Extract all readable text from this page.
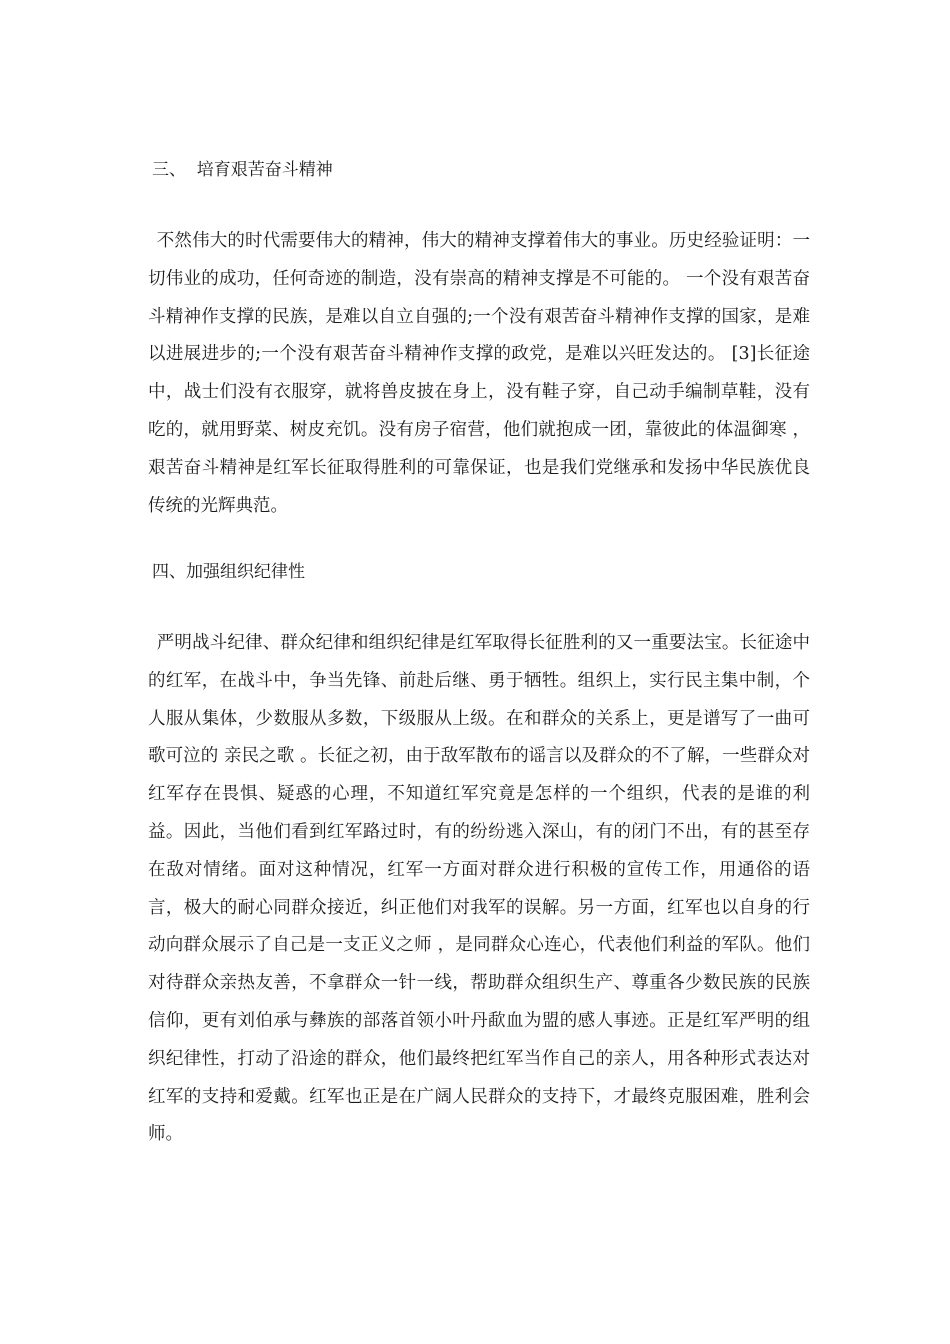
三、  培育艰苦奋斗精神
不然伟大的时代需要伟大的精神，伟大的精神支撑着伟大的事业。历史经验证明：一切伟业的成功，任何奇迹的制造，没有崇高的精神支撑是不可能的。 一个没有艰苦奋斗精神作支撑的民族，是难以自立自强的;一个没有艰苦奋斗精神作支撑的国家，是难以进展进步的;一个没有艰苦奋斗精神作支撑的政党，是难以兴旺发达的。 [3]长征途中，战士们没有衣服穿，就将兽皮披在身上，没有鞋子穿，自己动手编制草鞋，没有吃的，就用野菜、树皮充饥。没有房子宿营，他们就抱成一团，靠彼此的体温御寒 ，艰苦奋斗精神是红军长征取得胜利的可靠保证，也是我们党继承和发扬中华民族优良传统的光辉典范。
四、加强组织纪律性
严明战斗纪律、群众纪律和组织纪律是红军取得长征胜利的又一重要法宝。长征途中的红军，在战斗中，争当先锋、前赴后继、勇于牺牲。组织上，实行民主集中制，个人服从集体，少数服从多数，下级服从上级。在和群众的关系上，更是谱写了一曲可歌可泣的 亲民之歌 。长征之初，由于敌军散布的谣言以及群众的不了解，一些群众对红军存在畏惧、疑惑的心理，不知道红军究竟是怎样的一个组织，代表的是谁的利益。因此，当他们看到红军路过时，有的纷纷逃入深山，有的闭门不出，有的甚至存在敌对情绪。面对这种情况，红军一方面对群众进行积极的宣传工作，用通俗的语言，极大的耐心同群众接近，纠正他们对我军的误解。另一方面，红军也以自身的行动向群众展示了自己是一支正义之师 ，是同群众心连心，代表他们利益的军队。他们对待群众亲热友善，不拿群众一针一线，帮助群众组织生产、尊重各少数民族的民族信仰，更有刘伯承与彝族的部落首领小叶丹歃血为盟的感人事迹。正是红军严明的组织纪律性，打动了沿途的群众，他们最终把红军当作自己的亲人，用各种形式表达对红军的支持和爱戴。红军也正是在广阔人民群众的支持下，才最终克服困难，胜利会师。
